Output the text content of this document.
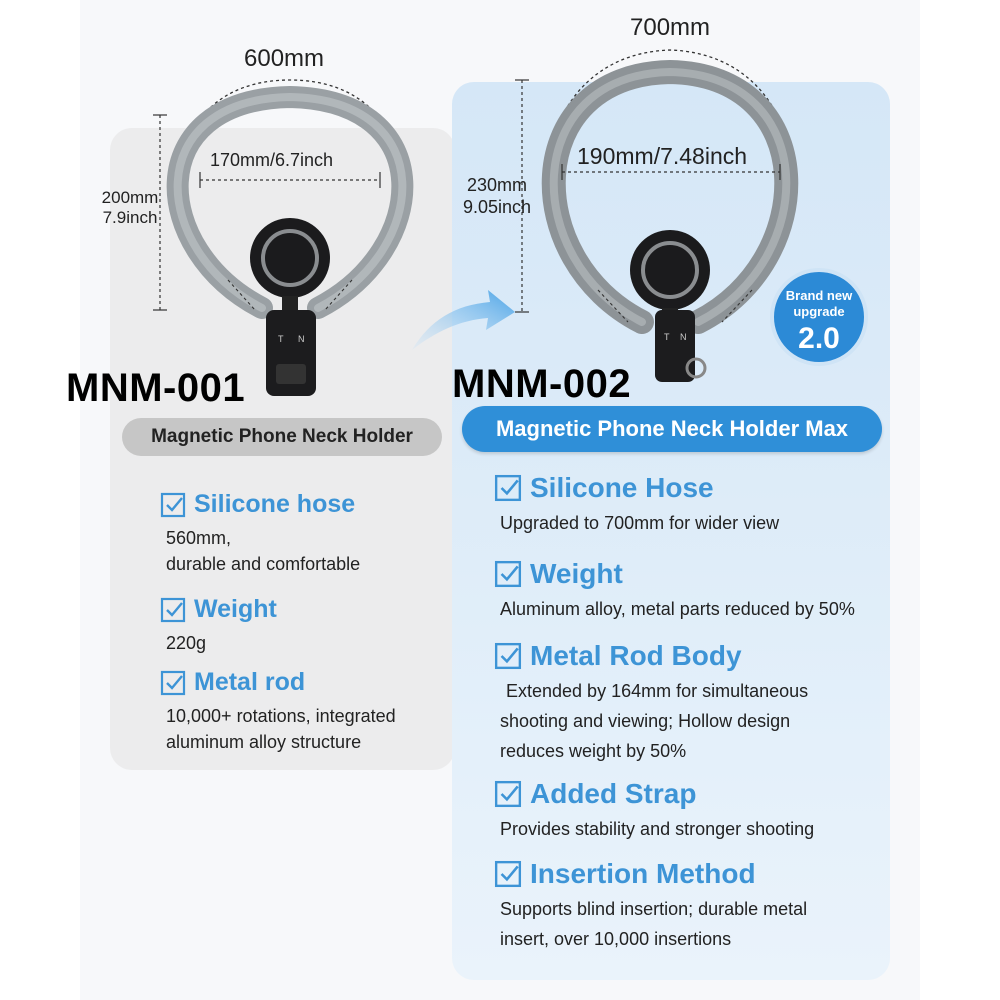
T N	T N
600mm
170mm/6.7inch
200mm
7.9inch
700mm
190mm/7.48inch
230mm
9.05inch
Brand new
upgrade
2.0
MNM-001	MNM-002
Magnetic Phone Neck Holder	Magnetic Phone Neck Holder Max
Silicone hose
560mm,
durable and comfortable
Weight
220g
Metal rod
10,000+ rotations, integrated
aluminum alloy structure
Silicone Hose
Upgraded to 700mm for wider view
Weight
Aluminum alloy, metal parts reduced by 50%
Metal Rod Body
Extended by 164mm for simultaneous
shooting and viewing; Hollow design
reduces weight by 50%
Added Strap
Provides stability and stronger shooting
Insertion Method
Supports blind insertion; durable metal
insert, over 10,000 insertions
